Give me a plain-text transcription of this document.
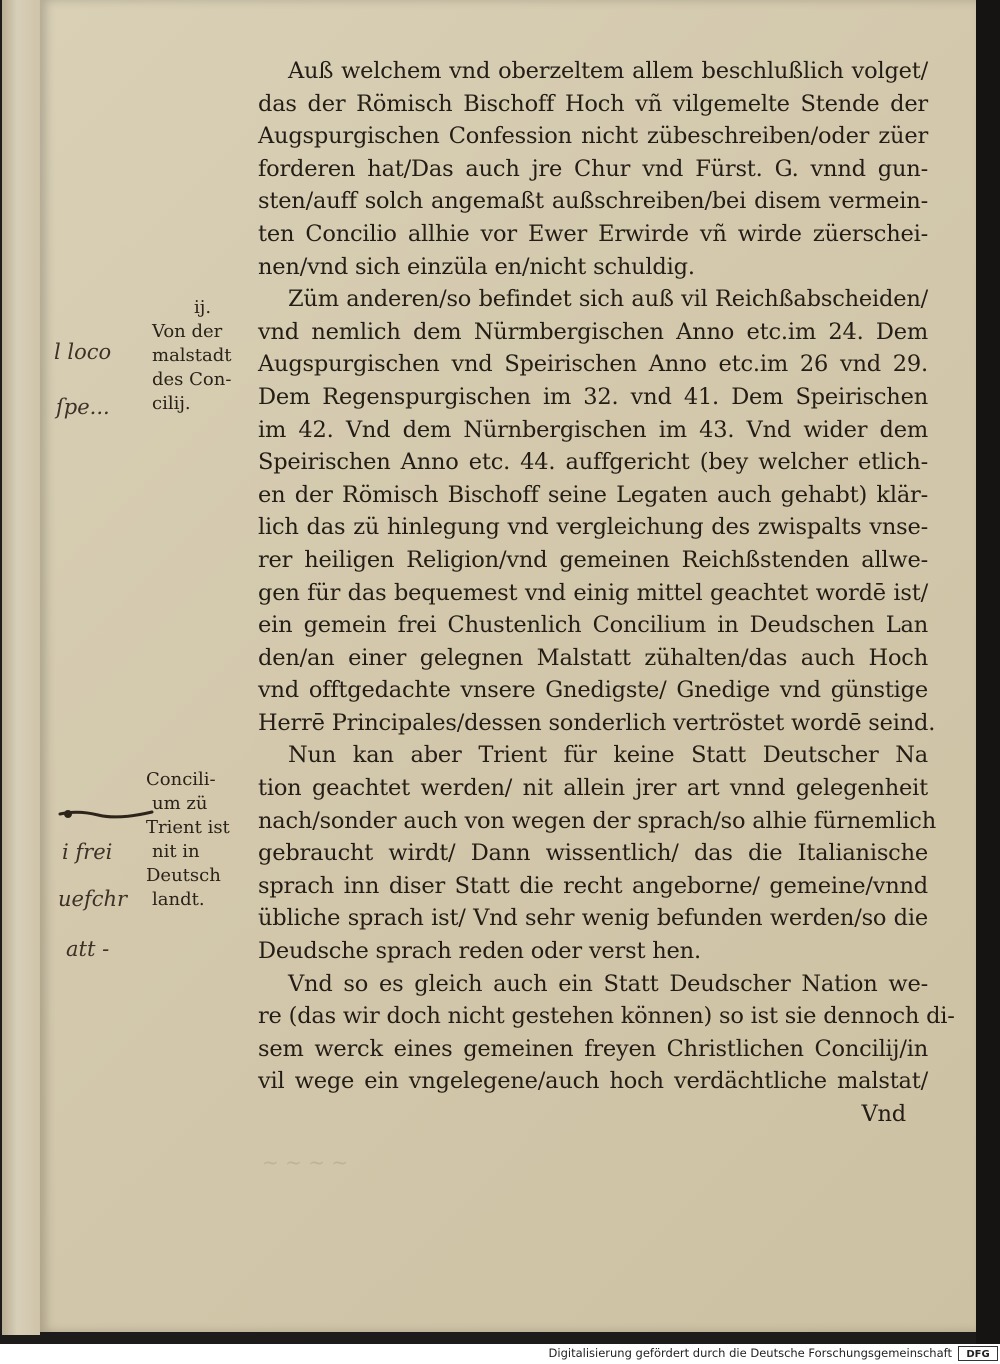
~ ~ ~ ~
Auß welchem vnd oberzeltem allem beschlußlich volget/
das der Römisch Bischoff Hoch vñ vilgemelte Stende der
Augspurgischen Confession nicht zübeschreiben/oder züer
forderen hat/Das auch jre Chur vnd Fürst. G. vnnd gun-
sten/auff solch angemaßt außschreiben/bei disem vermein-
ten Concilio allhie vor Ewer Erwirde vñ wirde züerschei-
nen/vnd sich einzüla en/nicht schuldig.
Züm anderen/so befindet sich auß vil Reichßabscheiden/
vnd nemlich dem Nürmbergischen Anno etc.im 24. Dem
Augspurgischen vnd Speirischen Anno etc.im 26 vnd 29.
Dem Regenspurgischen im 32. vnd 41. Dem Speirischen
im 42. Vnd dem Nürnbergischen im 43. Vnd wider dem
Speirischen Anno etc. 44. auffgericht (bey welcher etlich-
en der Römisch Bischoff seine Legaten auch gehabt) klär-
lich das zü hinlegung vnd vergleichung des zwispalts vnse-
rer heiligen Religion/vnd gemeinen Reichßstenden allwe-
gen für das bequemest vnd einig mittel geachtet wordē ist/
ein gemein frei Chustenlich Concilium in Deudschen Lan
den/an einer gelegnen Malstatt zühalten/das auch Hoch
vnd offtgedachte vnsere Gnedigste/ Gnedige vnd günstige
Herrē Principales/dessen sonderlich vertröstet wordē seind.
Nun kan aber Trient für keine Statt Deutscher Na
tion geachtet werden/ nit allein jrer art vnnd gelegenheit
nach/sonder auch von wegen der sprach/so alhie fürnemlich
gebraucht wirdt/ Dann wissentlich/ das die Italianische
sprach inn diser Statt die recht angeborne/ gemeine/vnnd
übliche sprach ist/ Vnd sehr wenig befunden werden/so die
Deudsche sprach reden oder verst hen.
Vnd so es gleich auch ein Statt Deudscher Nation we-
re (das wir doch nicht gestehen können) so ist sie dennoch di-
sem werck eines gemeinen freyen Christlichen Concilij/in
vil wege ein vngelegene/auch hoch verdächtliche malstat/
Vnd
ij.
Von der
malstadt
des Con-
cilij.
Concili-
um zü
Trient ist
nit in
Deutsch
landt.
l loco
ſpe...
i frei
uefchr
att -
Digitalisierung gefördert durch die Deutsche Forschungsgemeinschaft	DFG
